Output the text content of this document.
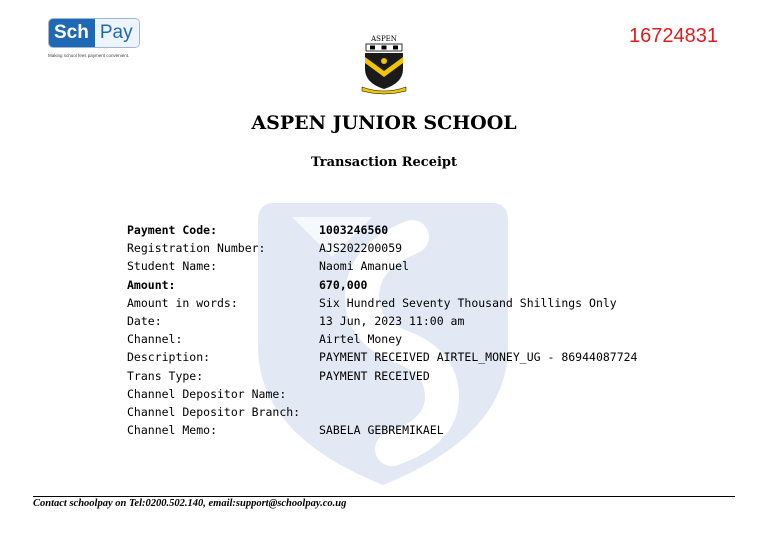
Sch Pay
Making school fees payment convenient.
16724831
ASPEN
ASPEN JUNIOR SCHOOL
Transaction Receipt
Payment Code:	1003246560
Registration Number:	AJS202200059
Student Name:	Naomi Amanuel
Amount:	670,000
Amount in words:	Six Hundred Seventy Thousand Shillings Only
Date:	13 Jun, 2023 11:00 am
Channel:	Airtel Money
Description:	PAYMENT RECEIVED AIRTEL_MONEY_UG - 86944087724
Trans Type:	PAYMENT RECEIVED
Channel Depositor Name:
Channel Depositor Branch:
Channel Memo:	SABELA GEBREMIKAEL
Contact schoolpay on Tel:0200.502.140, email:support@schoolpay.co.ug
